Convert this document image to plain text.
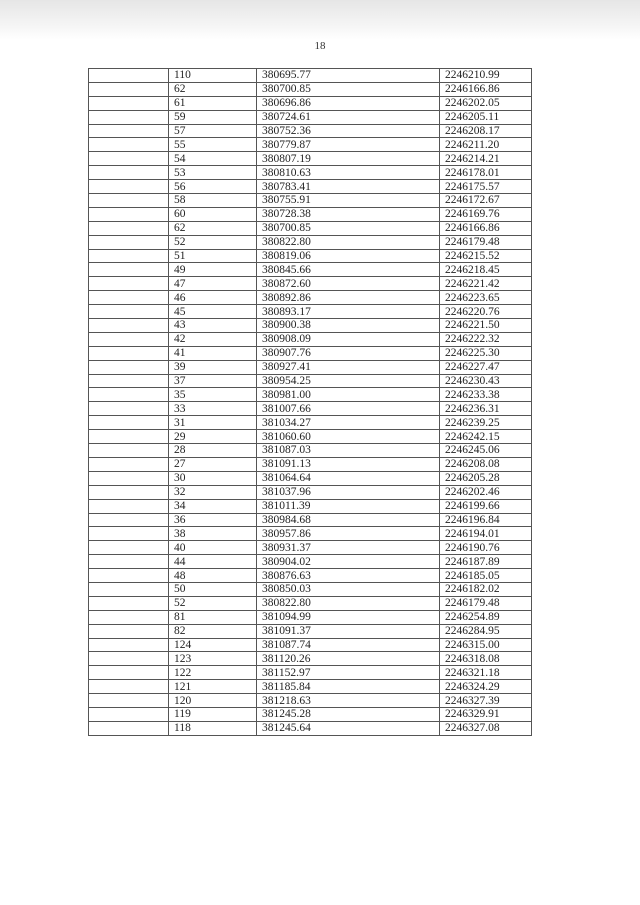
18
	110	380695.77	2246210.99
	62	380700.85	2246166.86
	61	380696.86	2246202.05
	59	380724.61	2246205.11
	57	380752.36	2246208.17
	55	380779.87	2246211.20
	54	380807.19	2246214.21
	53	380810.63	2246178.01
	56	380783.41	2246175.57
	58	380755.91	2246172.67
	60	380728.38	2246169.76
	62	380700.85	2246166.86
	52	380822.80	2246179.48
	51	380819.06	2246215.52
	49	380845.66	2246218.45
	47	380872.60	2246221.42
	46	380892.86	2246223.65
	45	380893.17	2246220.76
	43	380900.38	2246221.50
	42	380908.09	2246222.32
	41	380907.76	2246225.30
	39	380927.41	2246227.47
	37	380954.25	2246230.43
	35	380981.00	2246233.38
	33	381007.66	2246236.31
	31	381034.27	2246239.25
	29	381060.60	2246242.15
	28	381087.03	2246245.06
	27	381091.13	2246208.08
	30	381064.64	2246205.28
	32	381037.96	2246202.46
	34	381011.39	2246199.66
	36	380984.68	2246196.84
	38	380957.86	2246194.01
	40	380931.37	2246190.76
	44	380904.02	2246187.89
	48	380876.63	2246185.05
	50	380850.03	2246182.02
	52	380822.80	2246179.48
	81	381094.99	2246254.89
	82	381091.37	2246284.95
	124	381087.74	2246315.00
	123	381120.26	2246318.08
	122	381152.97	2246321.18
	121	381185.84	2246324.29
	120	381218.63	2246327.39
	119	381245.28	2246329.91
	118	381245.64	2246327.08
